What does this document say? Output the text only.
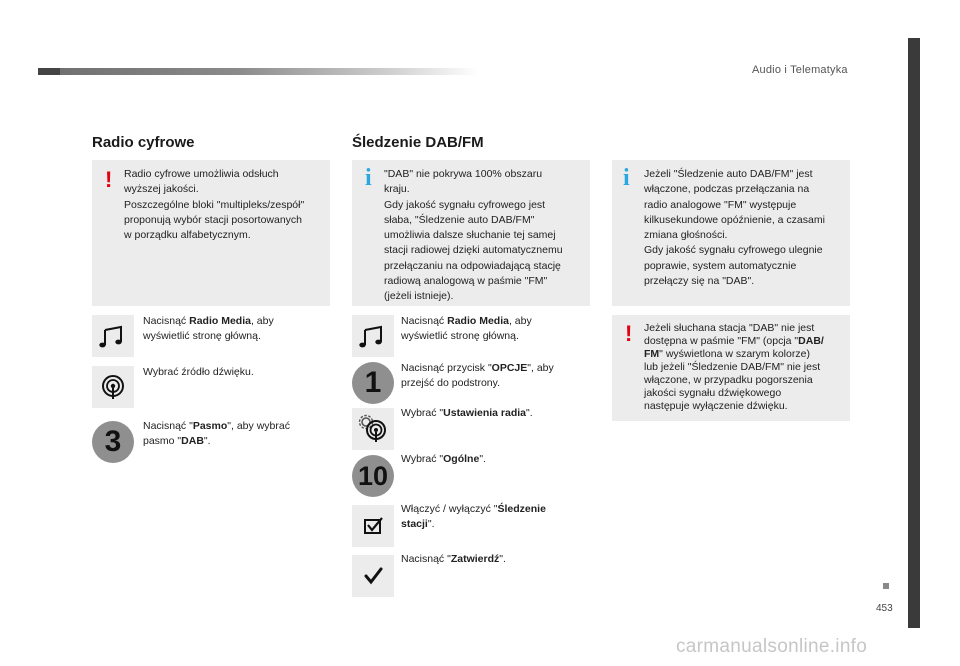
Audio i Telematyka
453
Radio cyfrowe
! Radio cyfrowe umożliwia odsłuch
wyższej jakości.
Poszczególne bloki "multipleks/zespół"
proponują wybór stacji posortowanych
w porządku alfabetycznym.
Nacisnąć Radio Media, aby
wyświetlić stronę główną.
Wybrać źródło dźwięku.
3	Nacisnąć "Pasmo", aby wybrać
pasmo "DAB".
Śledzenie DAB/FM
i "DAB" nie pokrywa 100% obszaru
kraju.
Gdy jakość sygnału cyfrowego jest
słaba, "Śledzenie auto DAB/FM"
umożliwia dalsze słuchanie tej samej
stacji radiowej dzięki automatycznemu
przełączaniu na odpowiadającą stację
radiową analogową w paśmie "FM"
(jeżeli istnieje).
Nacisnąć Radio Media, aby
wyświetlić stronę główną.
1	Nacisnąć przycisk "OPCJE", aby
przejść do podstrony.
Wybrać "Ustawienia radia".
10
Wybrać "Ogólne".
Włączyć / wyłączyć "Śledzenie
stacji".
Nacisnąć "Zatwierdź".
i Jeżeli "Śledzenie auto DAB/FM" jest
włączone, podczas przełączania na
radio analogowe "FM" występuje
kilkusekundowe opóźnienie, a czasami
zmiana głośności.
Gdy jakość sygnału cyfrowego ulegnie
poprawie, system automatycznie
przełączy się na "DAB".
! Jeżeli słuchana stacja "DAB" nie jest
dostępna w paśmie "FM" (opcja "DAB/
FM" wyświetlona w szarym kolorze)
lub jeżeli "Śledzenie DAB/FM" nie jest
włączone, w przypadku pogorszenia
jakości sygnału dźwiękowego
następuje wyłączenie dźwięku.
carmanualsonline.info
